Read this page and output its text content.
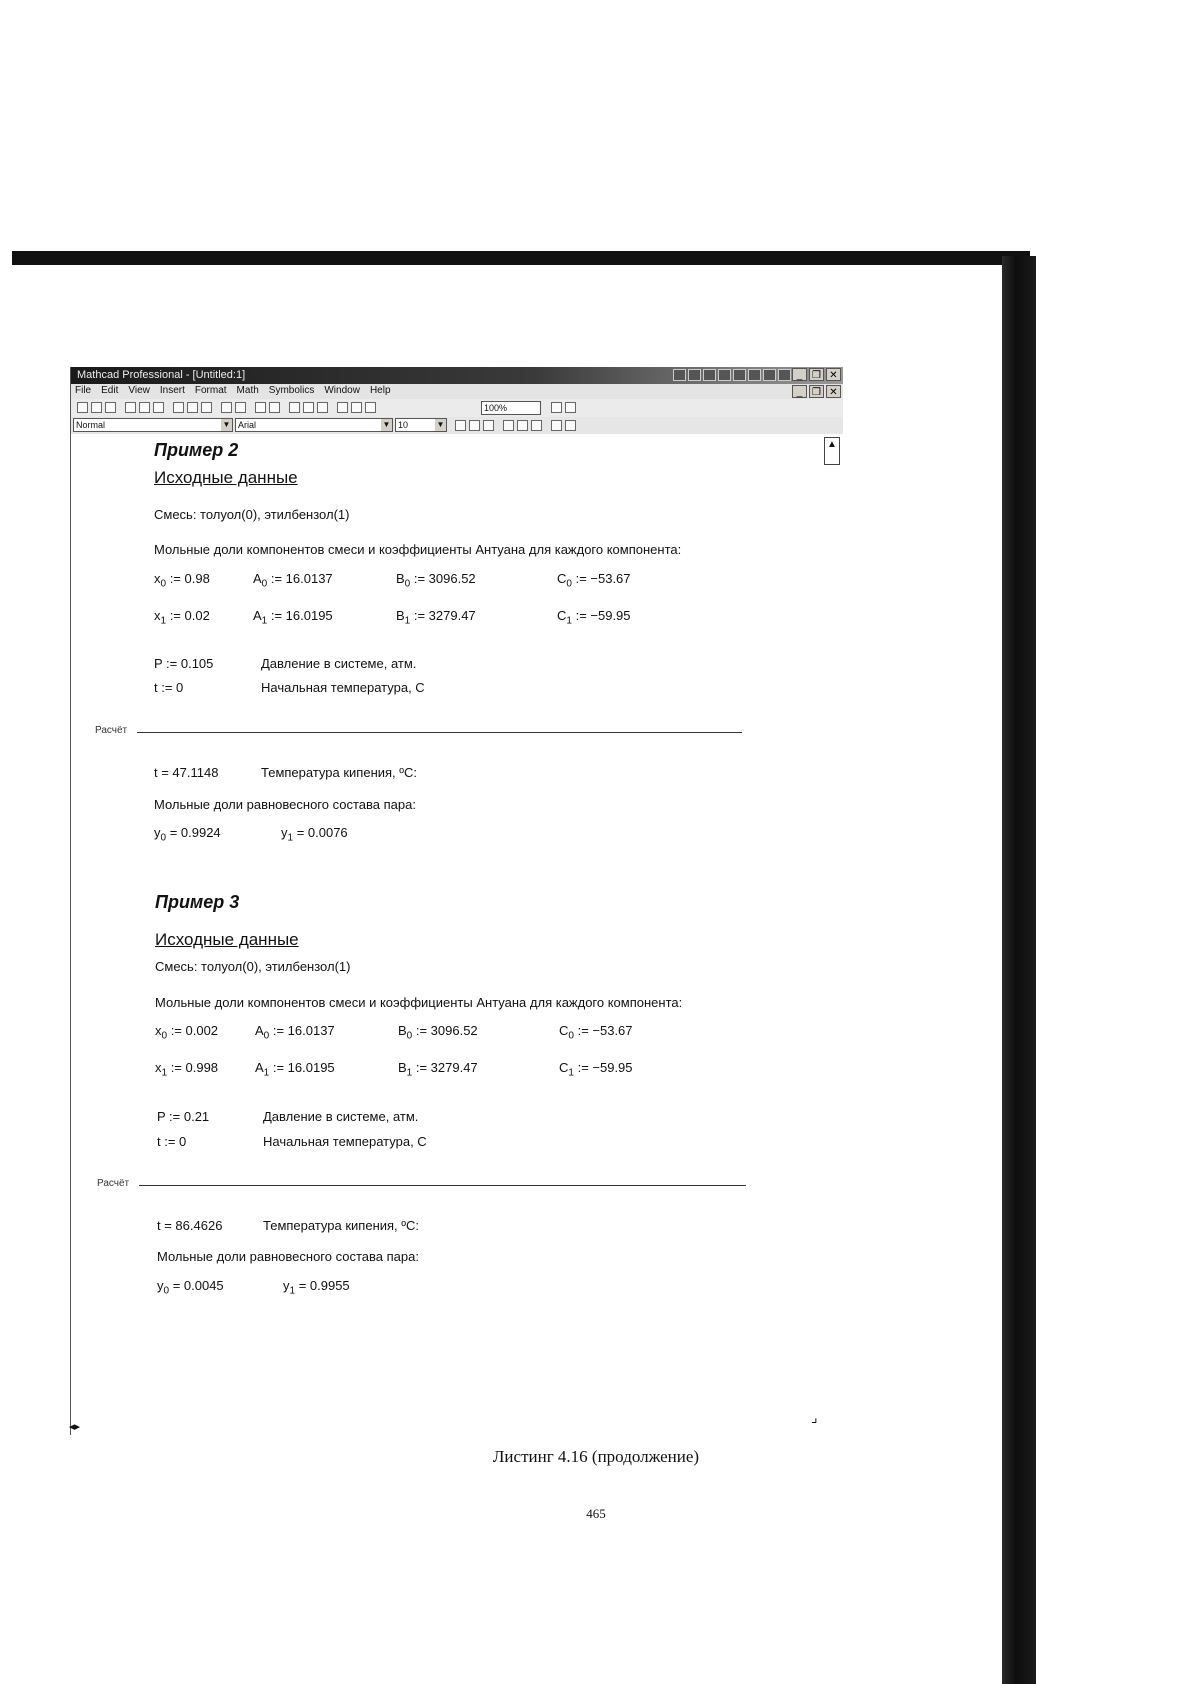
Mathcad Professional - [Untitled:1]	_ ❐ ✕
File Edit View Insert Format Math Symbolics Window Help	_ ❐ ✕
100%
Normal	▼ Arial	▼ 10	▼
▲
Пример 2
Исходные данные
Смесь: толуол(0), этилбензол(1)
Мольные доли компонентов смеси и коэффициенты Антуана для каждого компонента:
$x_0$ := 0.98	$A_0$ := 16.0137	$B_0$ := 3096.52	$C_0$ := −53.67
$x_1$ := 0.02	$A_1$ := 16.0195	$B_1$ := 3279.47	$C_1$ := −59.95
P := 0.105	Давление в системе, атм.
t := 0	Начальная температура, С
Расчёт
t = 47.1148	Температура кипения, ºС:
Мольные доли равновесного состава пара:
$y_0 = 0.9924$	$y_1 = 0.0076$
Пример 3
Исходные данные
Смесь: толуол(0), этилбензол(1)
Мольные доли компонентов смеси и коэффициенты Антуана для каждого компонента:
$x_0$ := 0.002	$A_0$ := 16.0137	$B_0$ := 3096.52	$C_0$ := −53.67
$x_1$ := 0.998	$A_1$ := 16.0195	$B_1$ := 3279.47	$C_1$ := −59.95
P := 0.21	Давление в системе, атм.
t := 0	Начальная температура, С
Расчёт
t = 86.4626	Температура кипения, ºС:
Мольные доли равновесного состава пара:
$y_0 = 0.0045$	$y_1 = 0.9955$
◂▸
⌟
Листинг 4.16 (продолжение)
465
